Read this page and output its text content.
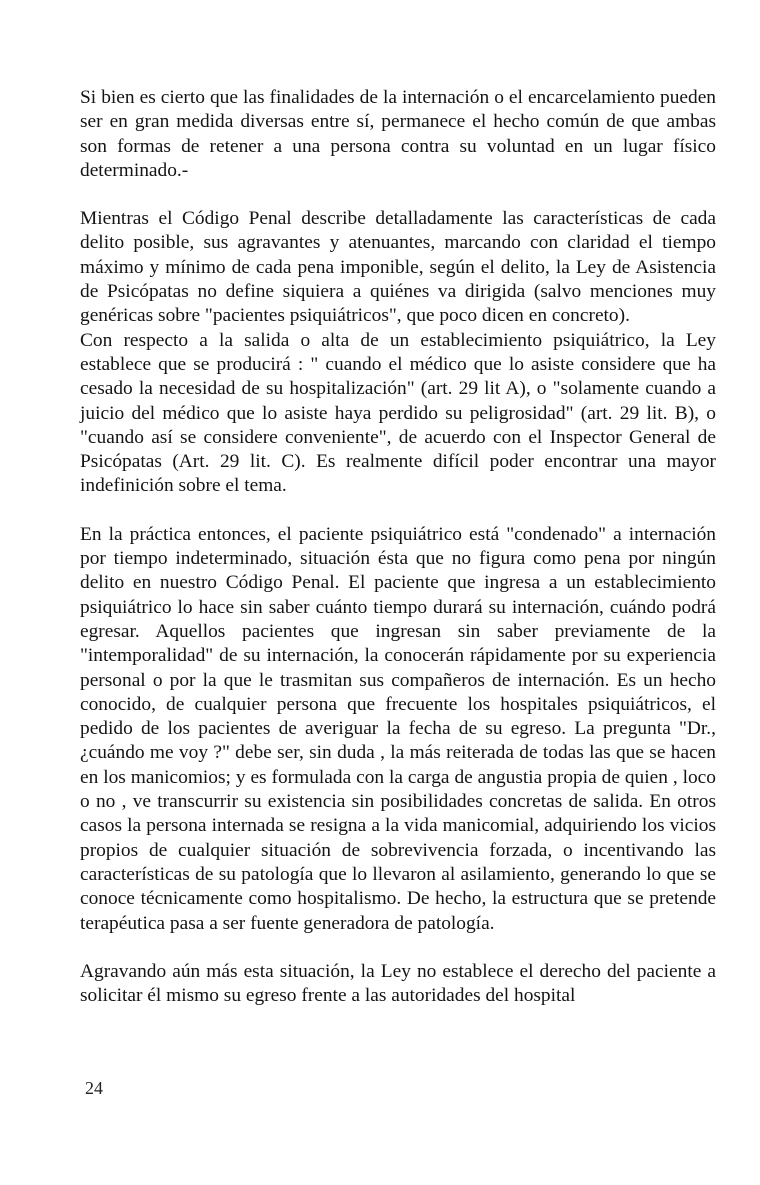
Si bien es cierto que las finalidades de la internación o el encarcelamiento pueden ser en gran medida diversas entre sí, permanece el hecho común de que ambas son formas de retener a una persona contra su voluntad en un lugar físico determinado.-

Mientras el Código Penal describe detalladamente las características de cada delito posible, sus agravantes y atenuantes, marcando con claridad el tiempo máximo y mínimo de cada pena imponible, según el delito, la Ley de Asistencia de Psicópatas no define siquiera a quiénes va dirigida (salvo menciones muy genéricas sobre "pacientes psiquiátricos", que poco dicen en concreto).

Con respecto a la salida o alta de un establecimiento psiquiátrico, la Ley establece que se producirá : " cuando el médico que lo asiste considere que ha cesado la necesidad de su hospitalización" (art. 29 lit A), o "solamente cuando a juicio del médico que lo asiste haya perdido su peligrosidad" (art. 29 lit. B), o "cuando así se considere conveniente", de acuerdo con el Inspector General de Psicópatas (Art. 29 lit. C). Es realmente difícil poder encontrar una mayor indefinición sobre el tema.

En la práctica entonces, el paciente psiquiátrico está "condenado" a internación por tiempo indeterminado, situación ésta que no figura como pena por ningún delito en nuestro Código Penal. El paciente que ingresa a un establecimiento psiquiátrico lo hace sin saber cuánto tiempo durará su internación, cuándo podrá egresar. Aquellos pacientes que ingresan sin saber previamente de la "intemporalidad" de su internación, la conocerán rápidamente por su experiencia personal o por la que le trasmitan sus compañeros de internación. Es un hecho conocido, de cualquier persona que frecuente los hospitales psiquiátricos, el pedido de los pacientes de averiguar la fecha de su egreso. La pregunta "Dr., ¿cuándo me voy ?" debe ser, sin duda , la más reiterada de todas las que se hacen en los manicomios; y es formulada con la carga de angustia propia de quien , loco o no , ve transcurrir su existencia sin posibilidades concretas de salida. En otros casos la persona internada se resigna a la vida manicomial, adquiriendo los vicios propios de cualquier situación de sobrevivencia forzada, o incentivando las características de su patología que lo llevaron al asilamiento, generando lo que se conoce técnicamente como hospitalismo. De hecho, la estructura que se pretende terapéutica pasa a ser fuente generadora de patología.

Agravando aún más esta situación, la Ley no establece el derecho del paciente a solicitar él mismo su egreso frente a las autoridades del hospital

24
